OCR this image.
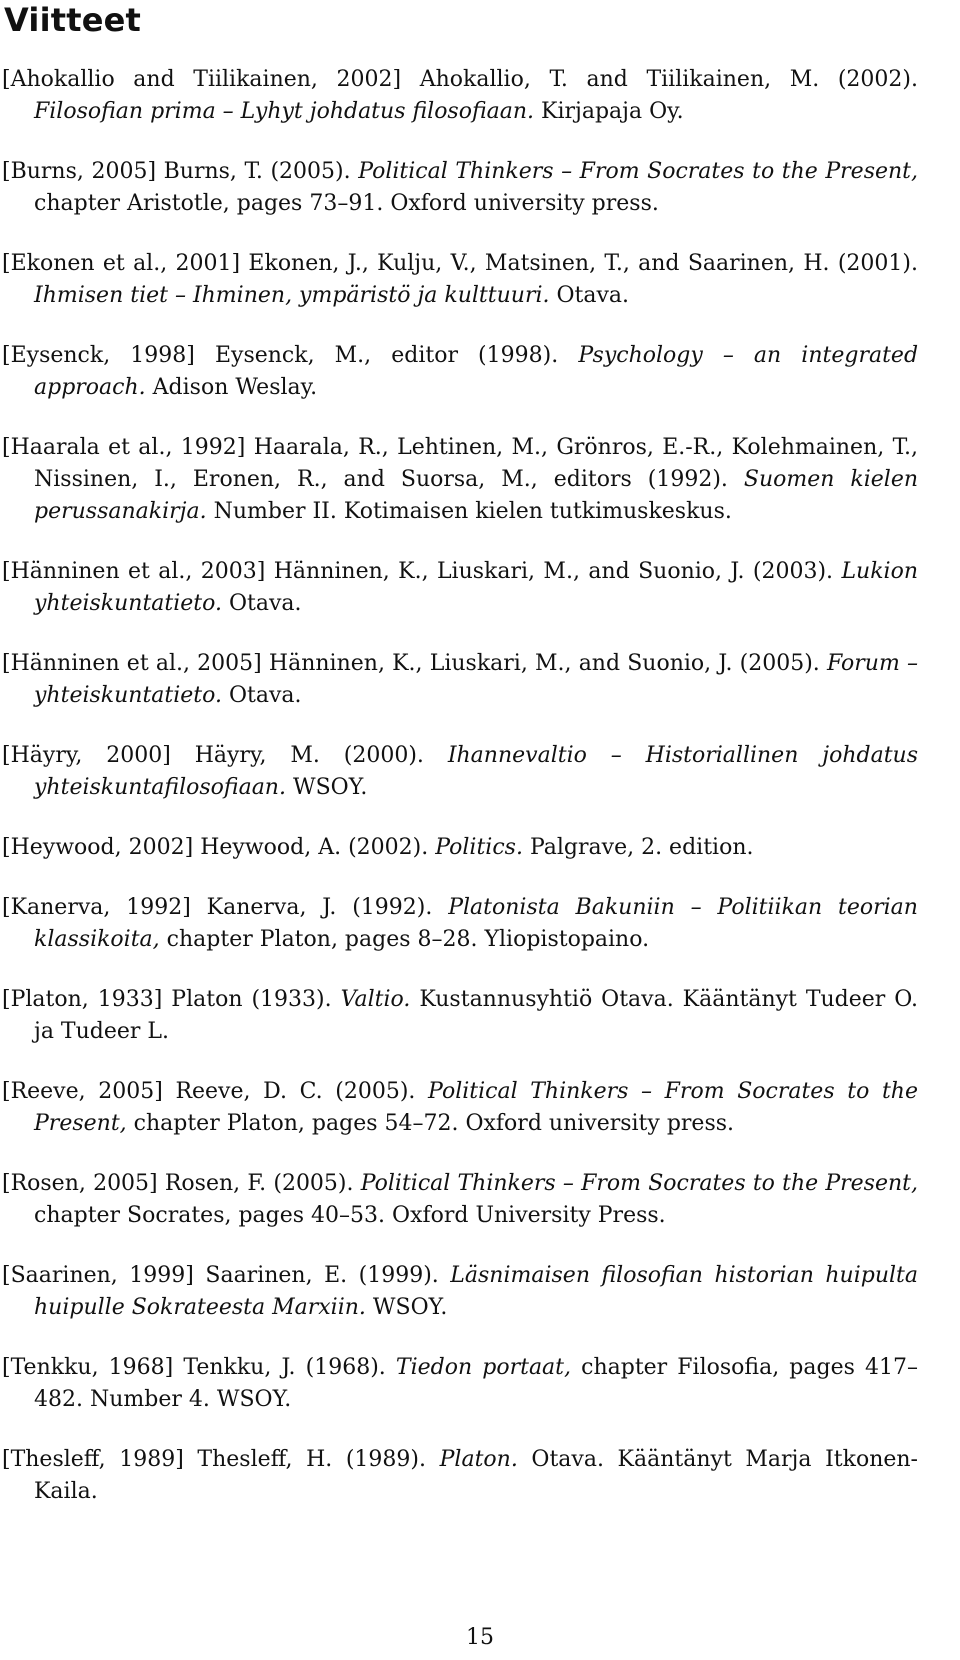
Viitteet

[Ahokallio and Tiilikainen, 2002] Ahokallio, T. and Tiilikainen, M. (2002). Filosofian prima – Lyhyt johdatus filosofiaan. Kirjapaja Oy.

[Burns, 2005] Burns, T. (2005). Political Thinkers – From Socrates to the Present, chapter Aristotle, pages 73–91. Oxford university press.

[Ekonen et al., 2001] Ekonen, J., Kulju, V., Matsinen, T., and Saarinen, H. (2001). Ihmisen tiet – Ihminen, ympäristö ja kulttuuri. Otava.

[Eysenck, 1998] Eysenck, M., editor (1998). Psychology – an integrated approach. Adison Weslay.

[Haarala et al., 1992] Haarala, R., Lehtinen, M., Grönros, E.-R., Kolehmainen, T., Nissinen, I., Eronen, R., and Suorsa, M., editors (1992). Suomen kielen perussanakirja. Number II. Kotimaisen kielen tutkimuskeskus.

[Hänninen et al., 2003] Hänninen, K., Liuskari, M., and Suonio, J. (2003). Lukion yhteiskuntatieto. Otava.

[Hänninen et al., 2005] Hänninen, K., Liuskari, M., and Suonio, J. (2005). Forum – yhteiskuntatieto. Otava.

[Häyry, 2000] Häyry, M. (2000). Ihannevaltio – Historiallinen johdatus yhteiskuntafilosofiaan. WSOY.

[Heywood, 2002] Heywood, A. (2002). Politics. Palgrave, 2. edition.

[Kanerva, 1992] Kanerva, J. (1992). Platonista Bakuniin – Politiikan teorian klassikoita, chapter Platon, pages 8–28. Yliopistopaino.

[Platon, 1933] Platon (1933). Valtio. Kustannusyhtiö Otava. Kääntänyt Tudeer O. ja Tudeer L.

[Reeve, 2005] Reeve, D. C. (2005). Political Thinkers – From Socrates to the Present, chapter Platon, pages 54–72. Oxford university press.

[Rosen, 2005] Rosen, F. (2005). Political Thinkers – From Socrates to the Present, chapter Socrates, pages 40–53. Oxford University Press.

[Saarinen, 1999] Saarinen, E. (1999). Läsnimaisen filosofian historian huipulta huipulle Sokrateesta Marxiin. WSOY.

[Tenkku, 1968] Tenkku, J. (1968). Tiedon portaat, chapter Filosofia, pages 417–482. Number 4. WSOY.

[Thesleff, 1989] Thesleff, H. (1989). Platon. Otava. Kääntänyt Marja Itkonen-Kaila.

15
